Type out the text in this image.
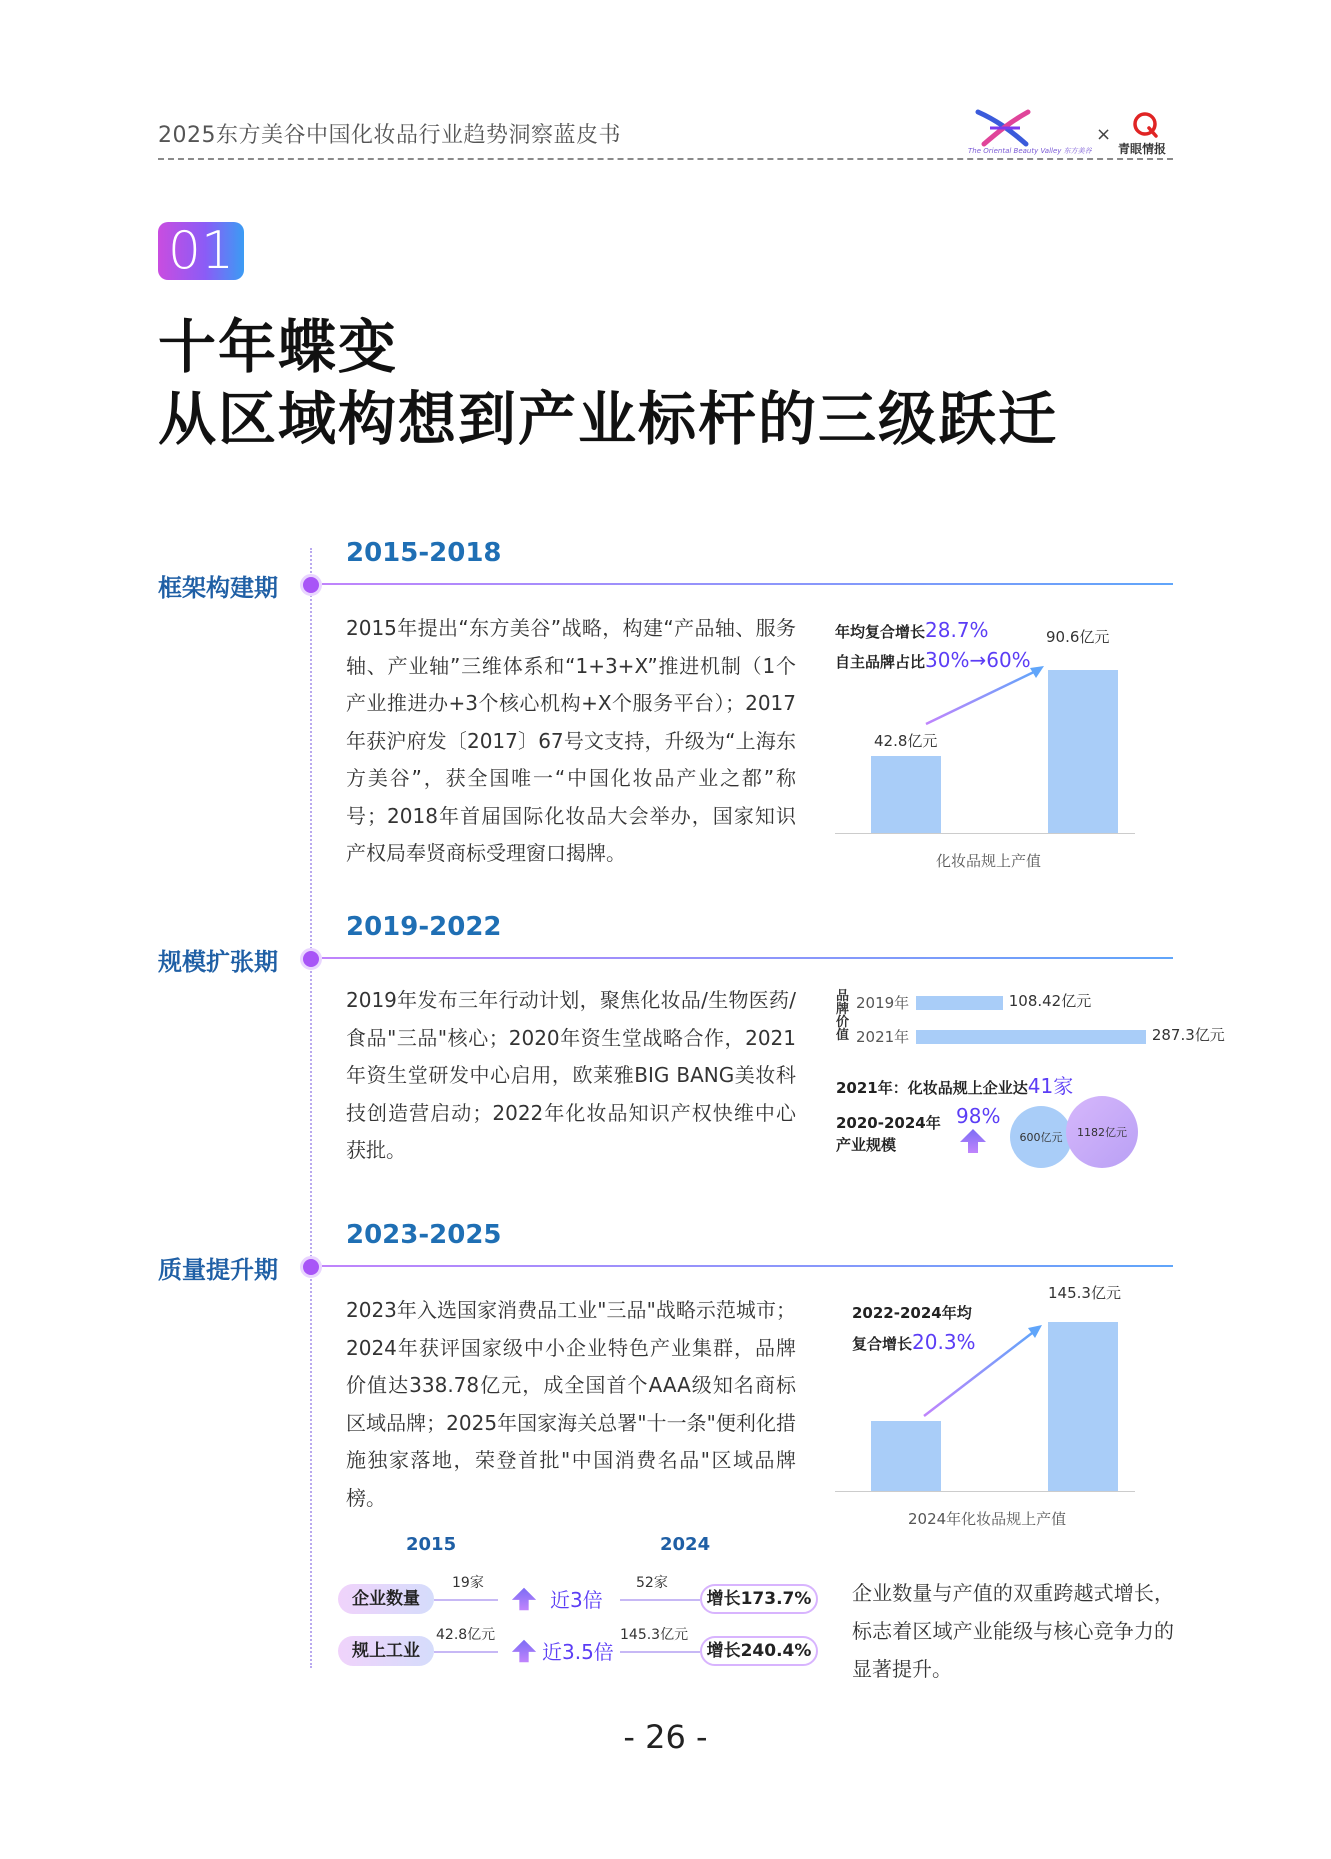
2025东方美谷中国化妆品行业趋势洞察蓝皮书
The Oriental Beauty Valley 东方美谷
×
青眼情报
01
十年蝶变
从区域构想到产业标杆的三级跃迁
2015-2018
框架构建期
2015年提出“东方美谷”战略，构建“产品轴、服务轴、产业轴”三维体系和“1+3+X”推进机制（1个产业推进办+3个核心机构+X个服务平台）；2017年获沪府发〔2017〕67号文支持，升级为“上海东方美谷”，获全国唯一“中国化妆品产业之都”称号；2018年首届国际化妆品大会举办，国家知识产权局奉贤商标受理窗口揭牌。
年均复合增长28.7%
自主品牌占比30%→60%
42.8亿元
90.6亿元
化妆品规上产值
2019-2022
规模扩张期
2019年发布三年行动计划，聚焦化妆品/生物医药/食品"三品"核心；2020年资生堂战略合作，2021年资生堂研发中心启用，欧莱雅BIG BANG美妆科技创造营启动；2022年化妆品知识产权快维中心获批。
品牌价值
2019年
2021年
108.42亿元
287.3亿元
2021年：化妆品规上企业达41家
2020-2024年
产业规模
98%
600亿元	1182亿元
2023-2025
质量提升期
2023年入选国家消费品工业"三品"战略示范城市；2024年获评国家级中小企业特色产业集群，品牌价值达338.78亿元，成全国首个AAA级知名商标区域品牌；2025年国家海关总署"十一条"便利化措施独家落地，荣登首批"中国消费名品"区域品牌榜。
2022-2024年均
复合增长20.3%
145.3亿元
2024年化妆品规上产值
2015	2024
企业数量
19家
近3倍
52家
增长173.7%
规上工业
42.8亿元
近3.5倍
145.3亿元
增长240.4%
企业数量与产值的双重跨越式增长，标志着区域产业能级与核心竞争力的显著提升。
- 26 -
